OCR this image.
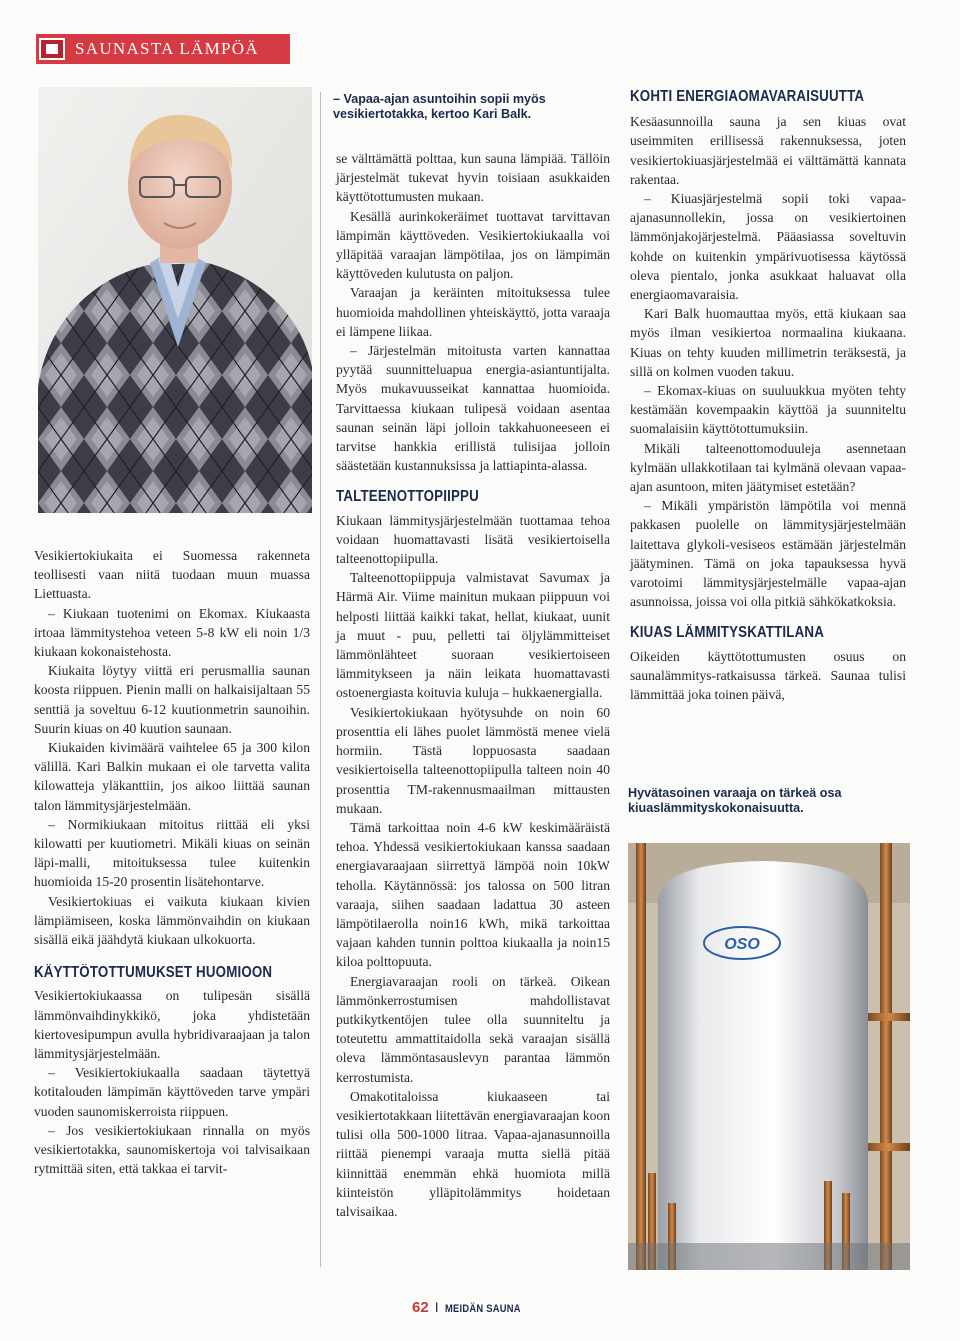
SAUNASTA LÄMPÖÄ
– Vapaa-ajan asuntoihin sopii myös vesikiertotakka, kertoo Kari Balk.

Vesikiertokiukaita ei Suomessa rakenneta teollisesti vaan niitä tuodaan muun muassa Liettuasta.

– Kiukaan tuotenimi on Ekomax. Kiukaasta irtoaa lämmitystehoa veteen 5-8 kW eli noin 1/3 kiukaan kokonaistehosta.

Kiukaita löytyy viittä eri perusmallia saunan koosta riippuen. Pienin malli on halkaisijaltaan 55 senttiä ja soveltuu 6-12 kuutionmetrin saunoihin. Suurin kiuas on 40 kuution saunaan.

Kiukaiden kivimäärä vaihtelee 65 ja 300 kilon välillä. Kari Balkin mukaan ei ole tarvetta valita kilowatteja yläkanttiin, jos aikoo liittää saunan talon lämmitysjärjestelmään.

– Normikiukaan mitoitus riittää eli yksi kilowatti per kuutiometri. Mikäli kiuas on seinän läpi-malli, mitoituksessa tulee kuitenkin huomioida 15-20 prosentin lisätehontarve.

Vesikiertokiuas ei vaikuta kiukaan kivien lämpiämiseen, koska lämmönvaihdin on kiukaan sisällä eikä jäähdytä kiukaan ulkokuorta.

KÄYTTÖTOTTUMUKSET HUOMIOON

Vesikiertokiukaassa on tulipesän sisällä lämmönvaihdinykkikö, joka yhdistetään kiertovesipumpun avulla hybridivaraajaan ja talon lämmitysjärjestelmään.

– Vesikiertokiukaalla saadaan täytettyä kotitalouden lämpimän käyttöveden tarve ympäri vuoden saunomiskerroista riippuen.

– Jos vesikiertokiukaan rinnalla on myös vesikiertotakka, saunomiskertoja voi talvisaikaan rytmittää siten, että takkaa ei tarvit-

se välttämättä polttaa, kun sauna lämpiää. Tällöin järjestelmät tukevat hyvin toisiaan asukkaiden käyttötottumusten mukaan.

Kesällä aurinkokeräimet tuottavat tarvittavan lämpimän käyttöveden. Vesikiertokiukaalla voi ylläpitää varaajan lämpötilaa, jos on lämpimän käyttöveden kulutusta on paljon.

Varaajan ja keräinten mitoituksessa tulee huomioida mahdollinen yhteiskäyttö, jotta varaaja ei lämpene liikaa.

– Järjestelmän mitoitusta varten kannattaa pyytää suunnitteluapua energia-asiantuntijalta. Myös mukavuusseikat kannattaa huomioida. Tarvittaessa kiukaan tulipesä voidaan asentaa saunan seinän läpi jolloin takkahuoneeseen ei tarvitse hankkia erillistä tulisijaa jolloin säästetään kustannuksissa ja lattiapinta-alassa.

TALTEENOTTOPIIPPU

Kiukaan lämmitysjärjestelmään tuottamaa tehoa voidaan huomattavasti lisätä vesikiertoisella talteenottopiipulla.

Talteenottopiippuja valmistavat Savumax ja Härmä Air. Viime mainitun mukaan piippuun voi helposti liittää kaikki takat, hellat, kiukaat, uunit ja muut - puu, pelletti tai öljylämmitteiset lämmönlähteet suoraan vesikiertoiseen lämmitykseen ja näin leikata huomattavasti ostoenergiasta koituvia kuluja – hukkaenergialla.

Vesikiertokiukaan hyötysuhde on noin 60 prosenttia eli lähes puolet lämmöstä menee vielä hormiin. Tästä loppuosasta saadaan vesikiertoisella talteenottopiipulla talteen noin 40 prosenttia TM-rakennusmaailman mittausten mukaan.

Tämä tarkoittaa noin 4-6 kW keskimääräistä tehoa. Yhdessä vesikiertokiukaan kanssa saadaan energiavaraajaan siirrettyä lämpöä noin 10kW teholla. Käytännössä: jos talossa on 500 litran varaaja, siihen saadaan ladattua 30 asteen lämpötilaerolla noin16 kWh, mikä tarkoittaa vajaan kahden tunnin polttoa kiukaalla ja noin15 kiloa polttopuuta.

Energiavaraajan rooli on tärkeä. Oikean lämmönkerrostumisen mahdollistavat putkikytkentöjen tulee olla suunniteltu ja toteutettu ammattitaidolla sekä varaajan sisällä oleva lämmöntasauslevyn parantaa lämmön kerrostumista.

Omakotitaloissa kiukaaseen tai vesikiertotakkaan liitettävän energiavaraajan koon tulisi olla 500-1000 litraa. Vapaa-ajanasunnoilla riittää pienempi varaaja mutta siellä pitää kiinnittää enemmän ehkä huomiota millä kiinteistön ylläpitolämmitys hoidetaan talvisaikaa.

KOHTI ENERGIAOMAVARAISUUTTA

Kesäasunnoilla sauna ja sen kiuas ovat useimmiten erillisessä rakennuksessa, joten vesikiertokiuasjärjestelmää ei välttämättä kannata rakentaa.

– Kiuasjärjestelmä sopii toki vapaa-ajanasunnollekin, jossa on vesikiertoinen lämmönjakojärjestelmä. Pääasiassa soveltuvin kohde on kuitenkin ympärivuotisessa käytössä oleva pientalo, jonka asukkaat haluavat olla energiaomavaraisia.

Kari Balk huomauttaa myös, että kiukaan saa myös ilman vesikiertoa normaalina kiukaana. Kiuas on tehty kuuden millimetrin teräksestä, ja sillä on kolmen vuoden takuu.

– Ekomax-kiuas on suuluukkua myöten tehty kestämään kovempaakin käyttöä ja suunniteltu suomalaisiin käyttötottumuksiin.

Mikäli talteenottomoduuleja asennetaan kylmään ullakkotilaan tai kylmänä olevaan vapaa-ajan asuntoon, miten jäätymiset estetään?

– Mikäli ympäristön lämpötila voi mennä pakkasen puolelle on lämmitysjärjestelmään laitettava glykoli-vesiseos estämään järjestelmän jäätyminen. Tämä on joka tapauksessa hyvä varotoimi lämmitysjärjestelmälle vapaa-ajan asunnoissa, joissa voi olla pitkiä sähkökatkoksia.

KIUAS LÄMMITYSKATTILANA

Oikeiden käyttötottumusten osuus on saunalämmitys-ratkaisussa tärkeä. Saunaa tulisi lämmittää joka toinen päivä,

Hyvätasoinen varaaja on tärkeä osa kiuaslämmityskokonaisuutta.
OSO
62 I MEIDÄN SAUNA
